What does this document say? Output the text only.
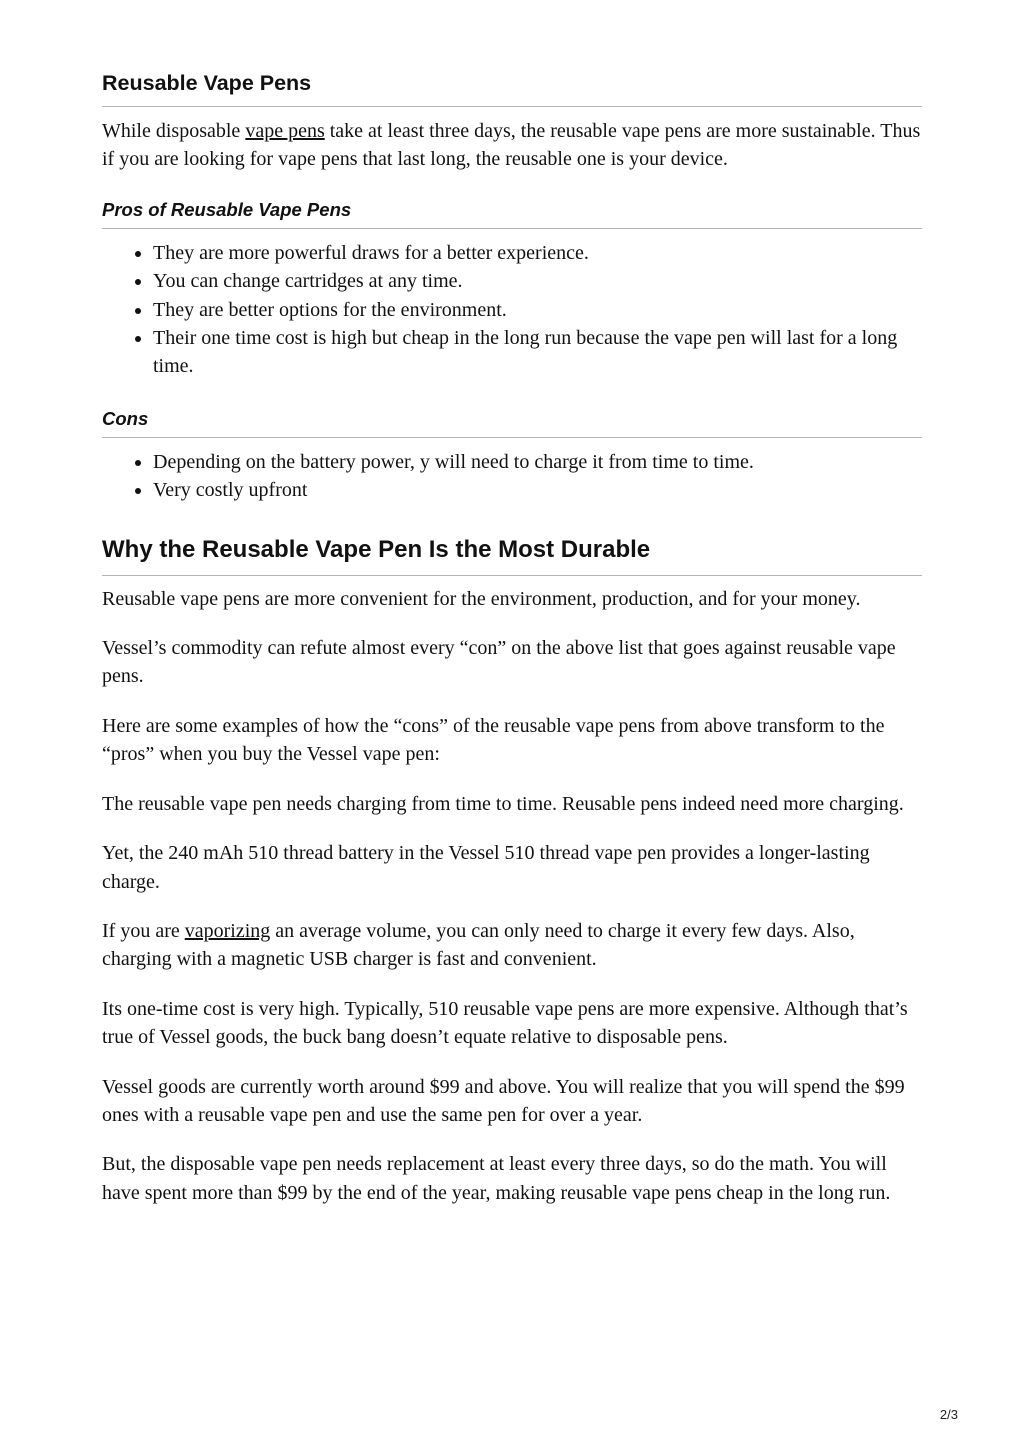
Reusable Vape Pens

While disposable vape pens take at least three days, the reusable vape pens are more sustainable. Thus if you are looking for vape pens that last long, the reusable one is your device.

Pros of Reusable Vape Pens
• They are more powerful draws for a better experience.
• You can change cartridges at any time.
• They are better options for the environment.
• Their one time cost is high but cheap in the long run because the vape pen will last for a long time.
Cons
• Depending on the battery power, y will need to charge it from time to time.
• Very costly upfront
Why the Reusable Vape Pen Is the Most Durable

Reusable vape pens are more convenient for the environment, production, and for your money.

Vessel’s commodity can refute almost every “con” on the above list that goes against reusable vape pens.

Here are some examples of how the “cons” of the reusable vape pens from above transform to the “pros” when you buy the Vessel vape pen:

The reusable vape pen needs charging from time to time. Reusable pens indeed need more charging.

Yet, the 240 mAh 510 thread battery in the Vessel 510 thread vape pen provides a longer-lasting charge.

If you are vaporizing an average volume, you can only need to charge it every few days. Also, charging with a magnetic USB charger is fast and convenient.

Its one-time cost is very high. Typically, 510 reusable vape pens are more expensive. Although that’s true of Vessel goods, the buck bang doesn’t equate relative to disposable pens.

Vessel goods are currently worth around $99 and above. You will realize that you will spend the $99 ones with a reusable vape pen and use the same pen for over a year.

But, the disposable vape pen needs replacement at least every three days, so do the math. You will have spent more than $99 by the end of the year, making reusable vape pens cheap in the long run.

2/3
